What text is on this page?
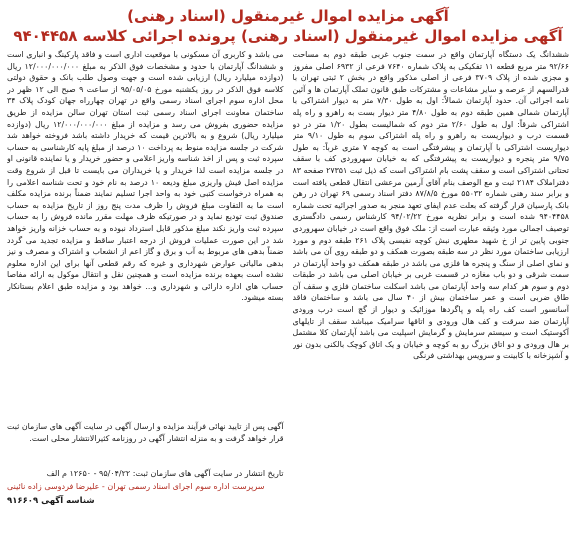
آگهی مزایده اموال غیرمنقول (اسناد رهنی)
آگهی مزایده اموال غیرمنقول (اسناد رهنی) پرونده اجرائی کلاسه ۹۴۰۴۴۵۸

ششدانگ یک دستگاه آپارتمان واقع در سمت جنوب غربی طبقه دوم به مساحت ۹۲/۶۶ متر مربع قطعه ۱۱ تفکیکی به پلاک شماره ۷۶۴۰ فرعی از ۶۹۳۲ اصلی مفروز و مجزی شده از پلاک ۳۷۰۹ فرعی از اصلی مذکور واقع در بخش ۲ ثبتی تهران با قدرالسهم از عرصه و سایر مشاعات و مشترکات طبق قانون تملک آپارتمان ها و آئین نامه اجرائی آن. حدود آپارتمان شمالاً: اول به طول ۷/۳۰ متر به دیوار اشتراکی با آپارتمان شمالی همین طبقه دوم به طول ۴/۸۰ متر دیوار بست به راهرو و راه پله اشتراکی شرقاً: اول به طول ۲/۶۰ متر دوم که شمالیست بطول ۱/۲۰ متر در دو قسمت درب و دیواریست به راهرو و راه پله اشتراکی سوم به طول ۹/۱۰ متر دیواریست اشتراکی با آپارتمان و پیشرفتگی است به کوچه ۷ متری غرباً: به طول ۹/۷۵ متر پنجره و دیواریست به پیشرفتگی که به خیابان سهروردی کف با سقف تحتانی اشتراکی است و سقف پشت بام اشتراکی است که ذیل ثبت ۲۷۳۵۱ صفحه ۸۳ دفتراملاک ۲۱۸۴ ثبت و مع الوصف بنام آقای آرمین مرعشی انتقال قطعی یافته است و برابر سند رهنی شماره ۵۵۰۳۲ مورخ ۸۷/۸/۵ دفتر اسناد رسمی ۶۹ تهران در رهن بانک پارسیان قرار گرفته که بعلت عدم ایفای تعهد منجر به صدور اجرائیه تحت شماره ۹۴۰۴۴۵۸ شده است و برابر نظریه مورخ ۹۴/۰۲/۲۲ کارشناس رسمی دادگستری توصیف اجمالی مورد وثیقه عبارت است از: ملک فوق واقع است در خیابان سهروردی جنوبی پایین تر از خ شهید مطهری نبش کوچه نفیسی پلاک ۲۶۱ طبقه دوم و مورد ارزیابی ساختمان مورد نظر در سه طبقه بصورت همکف و دو طبقه روی آن می باشد و نمای اصلی از سنگ و پنجره ها فلزی می باشد در طبقه همکف دو واحد آپارتمان در سمت شرقی و دو باب مغازه در قسمت غربی بر خیابان اصلی می باشد در طبقات دوم و سوم هر کدام سه واحد آپارتمان می باشد اسکلت ساختمان فلزی و سقف آن طاق ضربی است و عمر ساختمان بیش از ۴۰ سال می باشد و ساختمان فاقد آسانسور است کف راه پله و پاگردها موزائیک و دیوار از گچ است درب ورودی آپارتمان ضد سرقت و کف هال ورودی و اتاقها سرامیک میباشد سقف از تایلهای آکوستیک است و سیستم سرمایش و گرمایش اسپلیت می باشد آپارتمان کلا مشتمل بر هال ورودی و دو اتاق بزرگ رو به کوچه و خیابان و یک اتاق کوچک بالکنی بدون نور و آشپزخانه با کابینت و سرویس بهداشتی فرنگی

می باشد و کاربری آن مسکونی با موقعیت اداری است و فاقد پارکینگ و انباری است و ششدانگ آپارتمان با حدود و مشخصات فوق الذکر به مبلغ ۱۲/۰۰۰/۰۰۰/۰۰۰ ریال (دوازده میلیارد ریال) ارزیابی شده است و جهت وصول طلب بانک و حقوق دولتی کلاسه فوق الذکر در روز یکشنبه مورخ ۹۵/۰۵/۰۵ از ساعت ۹ صبح الی ۱۲ ظهر در محل اداره سوم اجرای اسناد رسمی واقع در تهران چهارراه جهان کودک پلاک ۳۴ ساختمان معاونت اجرای اسناد رسمی ثبت استان تهران سالن مزایده از طریق مزایده حضوری بفروش می رسد و مزایده از مبلغ ۱۲/۰۰۰/۰۰۰/۰۰۰ ریال (دوازده میلیارد ریال) شروع و به بالاترین قیمت که خریدار داشته باشد فروخته خواهد شد شرکت در جلسه مزایده منوط به پرداخت ۱۰ درصد از مبلغ پایه کارشناسی به حساب سپرده ثبت و پس از اخذ شناسه واریز اعلامی و حضور خریدار و یا نماینده قانونی او در جلسه مزایده است لذا خریدار و یا خریداران می بایست تا قبل از شروع وقت مزایده اصل فیش واریزی مبلغ ودیعه ۱۰ درصد به نام خود و تحت شناسه اعلامی را به همراه درخواست کتبی خود به واحد اجرا تسلیم نمایند ضمناً برنده مزایده مکلف است ما به التفاوت مبلغ فروش را ظرف مدت پنج روز از تاریخ مزایده به حساب صندوق ثبت تودیع نماید و در صورتیکه ظرف مهلت مقرر مانده فروش را به حساب سپرده ثبت واریز نکند مبلغ مذکور قابل استرداد نبوده و به حساب خزانه واریز خواهد شد در این صورت عملیات فروش از درجه اعتبار ساقط و مزایده تجدید می گردد ضمناً بدهی های مربوط به آب و برق و گاز اعم از انشعاب و اشتراک و مصرف و نیز بدهی مالیاتی عوارض شهرداری و غیره که رقم قطعی آنها برای این اداره معلوم نشده است بعهده برنده مزایده است و همچنین نقل و انتقال موکول به ارائه مفاصا حساب های اداره دارائی و شهرداری و... خواهد بود و مزایده طبق اعلام بستانکار بسته میشود.

آگهی پس از تایید نهائی فرآیند مزایده و ارسال آگهی در سایت آگهی های سازمان ثبت قرار خواهد گرفت و به منزله انتشار آگهی در روزنامه کثیرالانتشار محلی است.

تاریخ انتشار در سایت آگهی های سازمان ثبت: ۹۵/۰۴/۲۲ - ۱۲۶۵۰ م الف
سرپرست اداره سوم اجرای اسناد رسمی تهران - علیرضا فردوسی زاده نائینی
شناسه آگهی ۹۱۶۶۰۹
